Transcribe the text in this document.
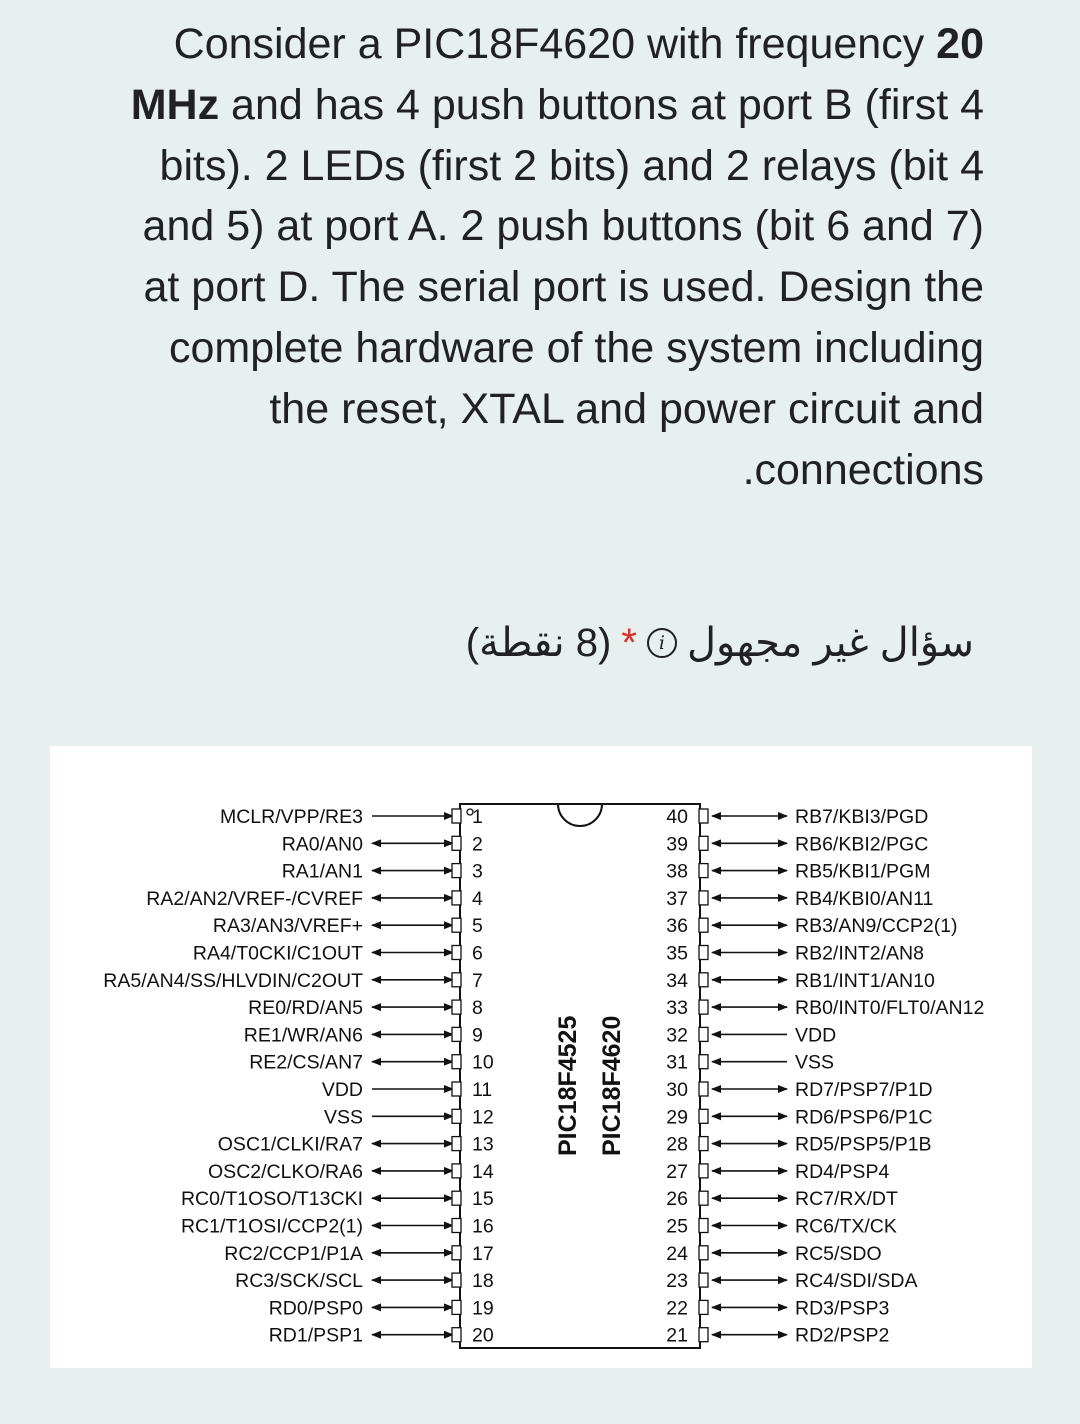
Consider a PIC18F4620 with frequency 20 MHz and has 4 push buttons at port B (first 4 bits). 2 LEDs (first 2 bits) and 2 relays (bit 4 and 5) at port A. 2 push buttons (bit 6 and 7) at port D. The serial port is used. Design the complete hardware of the system including the reset, XTAL and power circuit and .connections

سؤال غير مجهول
i
*
(8 نقطة)
PIC18F4525 PIC18F4620
MCLR/VPP/RE3	1
RA0/AN0	2
RA1/AN1	3
RA2/AN2/VREF-/CVREF	4
RA3/AN3/VREF+	5
RA4/T0CKI/C1OUT	6
RA5/AN4/SS/HLVDIN/C2OUT	7
RE0/RD/AN5	8
RE1/WR/AN6	9
RE2/CS/AN7	10
VDD	11
VSS	12
OSC1/CLKI/RA7	13
OSC2/CLKO/RA6	14
RC0/T1OSO/T13CKI	15
RC1/T1OSI/CCP2(1)	16
RC2/CCP1/P1A	17
RC3/SCK/SCL	18
RD0/PSP0	19
RD1/PSP1	20
40	RB7/KBI3/PGD
39	RB6/KBI2/PGC
38	RB5/KBI1/PGM
37	RB4/KBI0/AN11
36	RB3/AN9/CCP2(1)
35	RB2/INT2/AN8
34	RB1/INT1/AN10
33	RB0/INT0/FLT0/AN12
32	VDD
31	VSS
30	RD7/PSP7/P1D
29	RD6/PSP6/P1C
28	RD5/PSP5/P1B
27	RD4/PSP4
26	RC7/RX/DT
25	RC6/TX/CK
24	RC5/SDO
23	RC4/SDI/SDA
22	RD3/PSP3
21	RD2/PSP2
